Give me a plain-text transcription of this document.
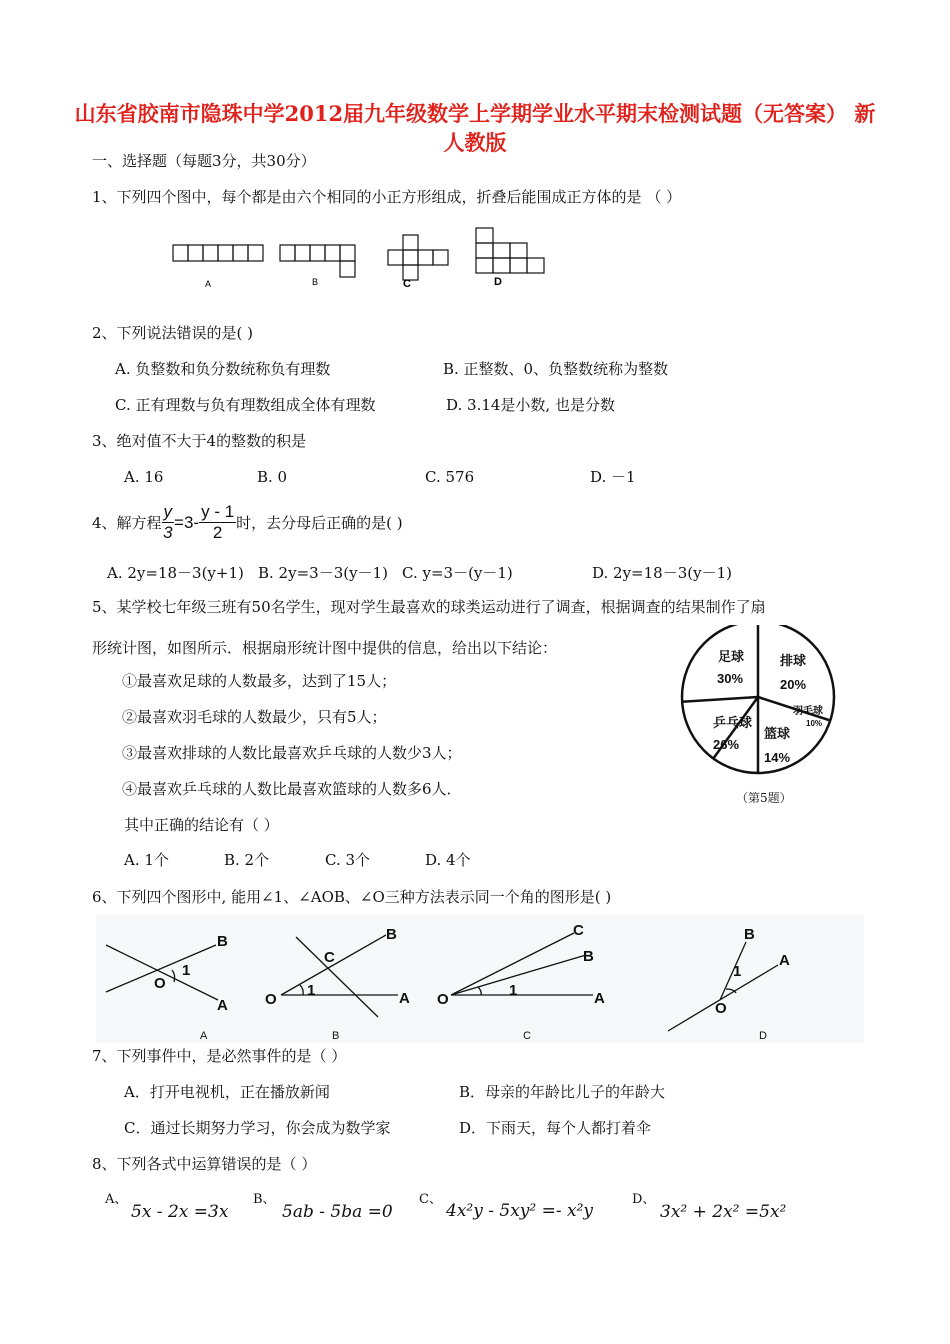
山东省胶南市隐珠中学2012届九年级数学上学期学业水平期末检测试题（无答案） 新人教版
一、选择题（每题3分，共30分）
1、下列四个图中，每个都是由六个相同的小正方形组成，折叠后能围成正方体的是 （ ）
A	B	C	D
2、下列说法错误的是( )
A. 负整数和负分数统称负有理数	B. 正整数、0、负整数统称为整数
C. 正有理数与负有理数组成全体有理数	D. 3.14是小数, 也是分数
3、绝对值不大于4的整数的积是
A. 16	B. 0	C. 576	D. －1
4、解方程 $\frac{y}{3} =3- \frac{y - 1}{2}$ 时，去分母后正确的是( )
A. 2y=18－3(y+1) B. 2y=3－3(y－1) C. y=3－(y－1)	D. 2y=18－3(y－1)
5、某学校七年级三班有50名学生，现对学生最喜欢的球类运动进行了调查，根据调查的结果制作了扇
形统计图，如图所示．根据扇形统计图中提供的信息，给出以下结论：
①最喜欢足球的人数最多，达到了15人；
②最喜欢羽毛球的人数最少，只有5人；
③最喜欢排球的人数比最喜欢乒乓球的人数少3人；
④最喜欢乒乓球的人数比最喜欢篮球的人数多6人．
其中正确的结论有（ ）
A. 1个	B. 2个	C. 3个	D. 4个
足球
30%
排球
20%
羽毛球
10%
篮球
14%
乒乓球
26%
（第5题）
6、下列四个图形中, 能用∠1、∠AOB、∠O三种方法表示同一个角的图形是( )
B
A
O
1
B
C
A
O
1
C
B
A
O
1
B
A
O
1
A	B	C	D
7、下列事件中，是必然事件的是（ ）
A．打开电视机，正在播放新闻	B．母亲的年龄比儿子的年龄大
C．通过长期努力学习，你会成为数学家	D．下雨天，每个人都打着伞
8、下列各式中运算错误的是（ ）
A、
5x - 2x =3x
B、
5ab - 5ba =0
C、
4x²y - 5xy² =- x²y
D、
3x² + 2x² =5x²
